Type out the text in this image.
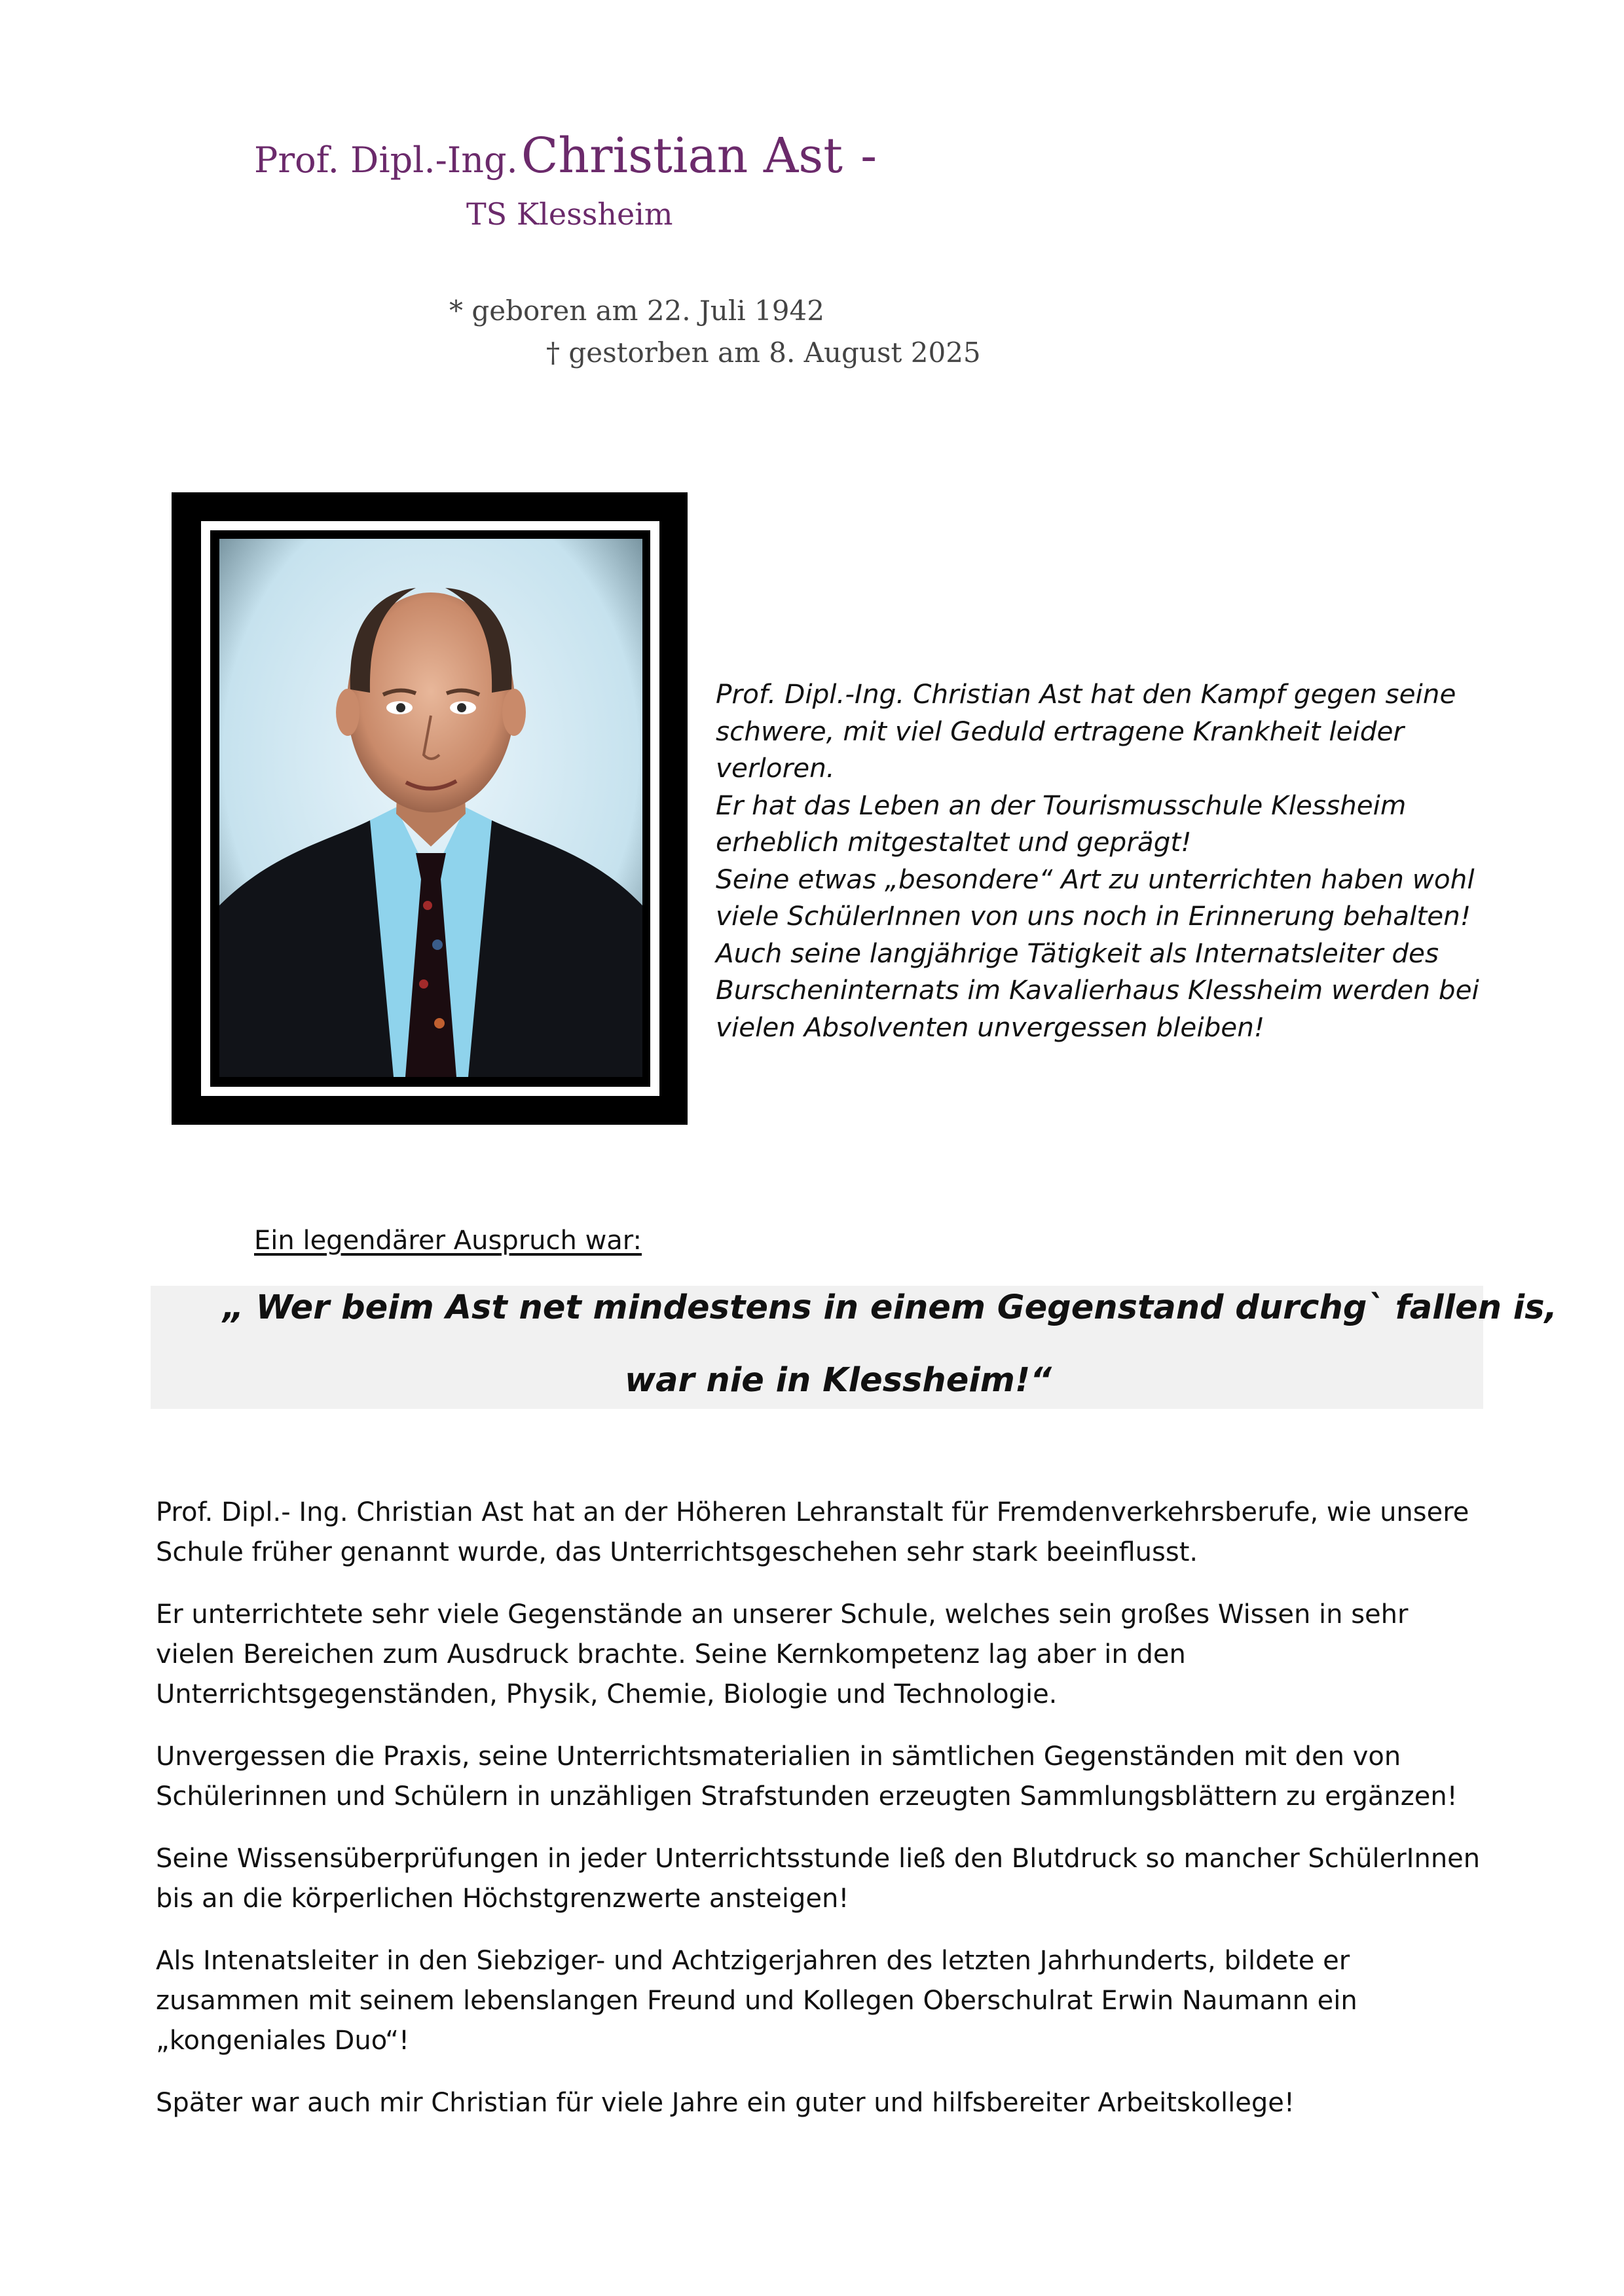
Prof. Dipl.-Ing. Christian Ast -
TS Klessheim
* geboren am 22. Juli 1942
† gestorben am 8. August 2025

Prof. Dipl.-Ing. Christian Ast hat den Kampf gegen seine

schwere, mit viel Geduld ertragene Krankheit leider

verloren.

Er hat das Leben an der Tourismusschule Klessheim

erheblich mitgestaltet und geprägt!

Seine etwas „besondere“ Art zu unterrichten haben wohl

viele SchülerInnen von uns noch in Erinnerung behalten!

Auch seine langjährige Tätigkeit als Internatsleiter des

Burscheninternats im Kavalierhaus Klessheim werden bei

vielen Absolventen unvergessen bleiben!

Ein legendärer Auspruch war:
„ Wer beim Ast net mindestens in einem Gegenstand durchg` fallen is,
war nie in Klessheim!“

Prof. Dipl.- Ing. Christian Ast hat an der Höheren Lehranstalt für Fremdenverkehrsberufe, wie unsere Schule früher genannt wurde, das Unterrichtsgeschehen sehr stark beeinflusst.

Er unterrichtete sehr viele Gegenstände an unserer Schule, welches sein großes Wissen in sehr vielen Bereichen zum Ausdruck brachte. Seine Kernkompetenz lag aber in den Unterrichtsgegenständen, Physik, Chemie, Biologie und Technologie.

Unvergessen die Praxis, seine Unterrichtsmaterialien in sämtlichen Gegenständen mit den von Schülerinnen und Schülern in unzähligen Strafstunden erzeugten Sammlungsblättern zu ergänzen!

Seine Wissensüberprüfungen in jeder Unterrichtsstunde ließ den Blutdruck so mancher SchülerInnen bis an die körperlichen Höchstgrenzwerte ansteigen!

Als Intenatsleiter in den Siebziger- und Achtzigerjahren des letzten Jahrhunderts, bildete er zusammen mit seinem lebenslangen Freund und Kollegen Oberschulrat Erwin Naumann ein „kongeniales Duo“!

Später war auch mir Christian für viele Jahre ein guter und hilfsbereiter Arbeitskollege!
